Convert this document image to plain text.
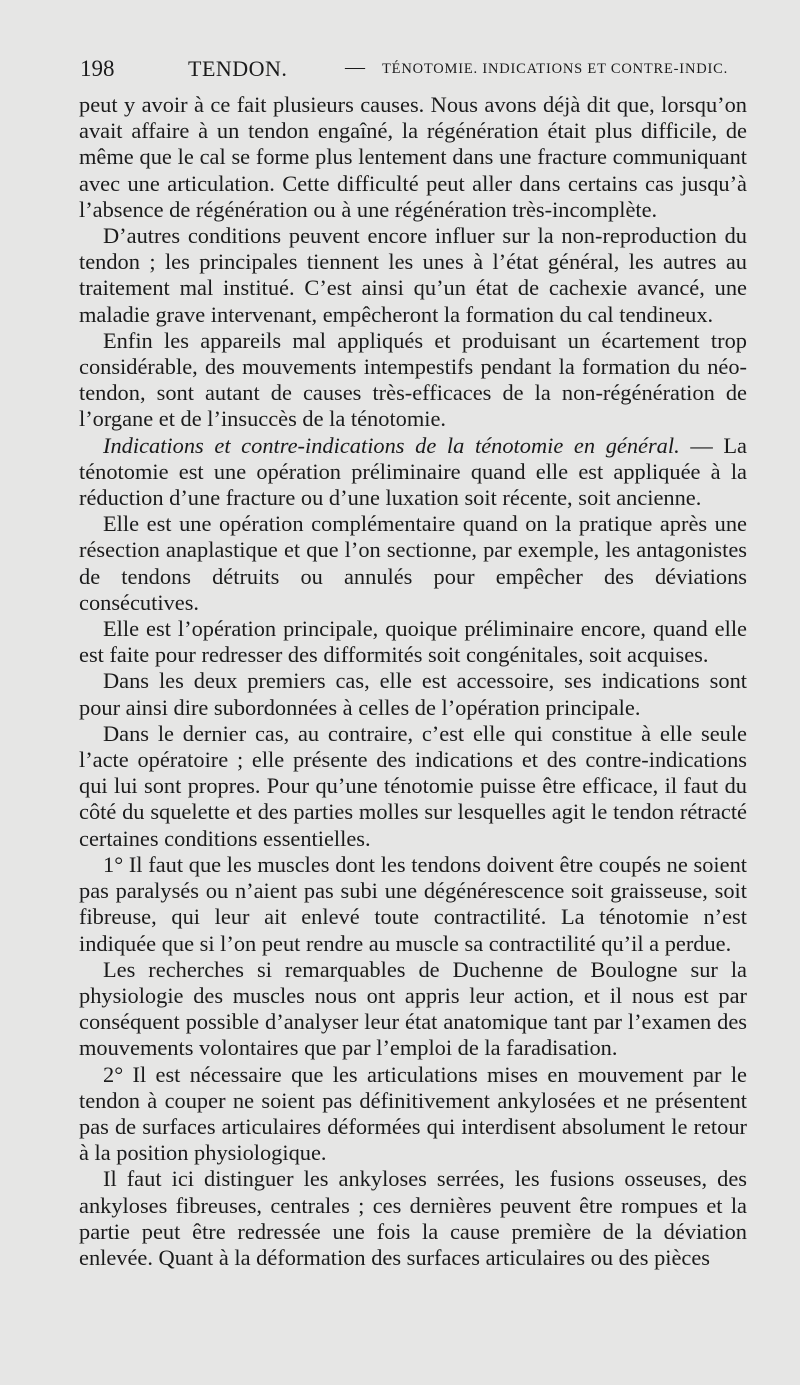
198	TENDON.	— TÉNOTOMIE. INDICATIONS ET CONTRE-INDIC.

peut y avoir à ce fait plusieurs causes. Nous avons déjà dit que, lorsqu’on avait affaire à un tendon engaîné, la régénération était plus difficile, de même que le cal se forme plus lentement dans une fracture communiquant avec une articulation. Cette difficulté peut aller dans certains cas jusqu’à l’absence de régénération ou à une régénération très-incomplète.

D’autres conditions peuvent encore influer sur la non-reproduction du tendon ; les principales tiennent les unes à l’état général, les autres au traitement mal institué. C’est ainsi qu’un état de cachexie avancé, une maladie grave intervenant, empêcheront la formation du cal tendineux.

Enfin les appareils mal appliqués et produisant un écartement trop considérable, des mouvements intempestifs pendant la formation du néo-tendon, sont autant de causes très-efficaces de la non-régénération de l’organe et de l’insuccès de la ténotomie.

Indications et contre-indications de la ténotomie en général. — La ténotomie est une opération préliminaire quand elle est appliquée à la réduction d’une fracture ou d’une luxation soit récente, soit ancienne.

Elle est une opération complémentaire quand on la pratique après une résection anaplastique et que l’on sectionne, par exemple, les antagonistes de tendons détruits ou annulés pour empêcher des déviations consécutives.

Elle est l’opération principale, quoique préliminaire encore, quand elle est faite pour redresser des difformités soit congénitales, soit acquises.

Dans les deux premiers cas, elle est accessoire, ses indications sont pour ainsi dire subordonnées à celles de l’opération principale.

Dans le dernier cas, au contraire, c’est elle qui constitue à elle seule l’acte opératoire ; elle présente des indications et des contre-indications qui lui sont propres. Pour qu’une ténotomie puisse être efficace, il faut du côté du squelette et des parties molles sur lesquelles agit le tendon rétracté certaines conditions essentielles.

1° Il faut que les muscles dont les tendons doivent être coupés ne soient pas paralysés ou n’aient pas subi une dégénérescence soit graisseuse, soit fibreuse, qui leur ait enlevé toute contractilité. La ténotomie n’est indiquée que si l’on peut rendre au muscle sa contractilité qu’il a perdue.

Les recherches si remarquables de Duchenne de Boulogne sur la physiologie des muscles nous ont appris leur action, et il nous est par conséquent possible d’analyser leur état anatomique tant par l’examen des mouvements volontaires que par l’emploi de la faradisation.

2° Il est nécessaire que les articulations mises en mouvement par le tendon à couper ne soient pas définitivement ankylosées et ne présentent pas de surfaces articulaires déformées qui interdisent absolument le retour à la position physiologique.

Il faut ici distinguer les ankyloses serrées, les fusions osseuses, des ankyloses fibreuses, centrales ; ces dernières peuvent être rompues et la partie peut être redressée une fois la cause première de la déviation enlevée. Quant à la déformation des surfaces articulaires ou des pièces
